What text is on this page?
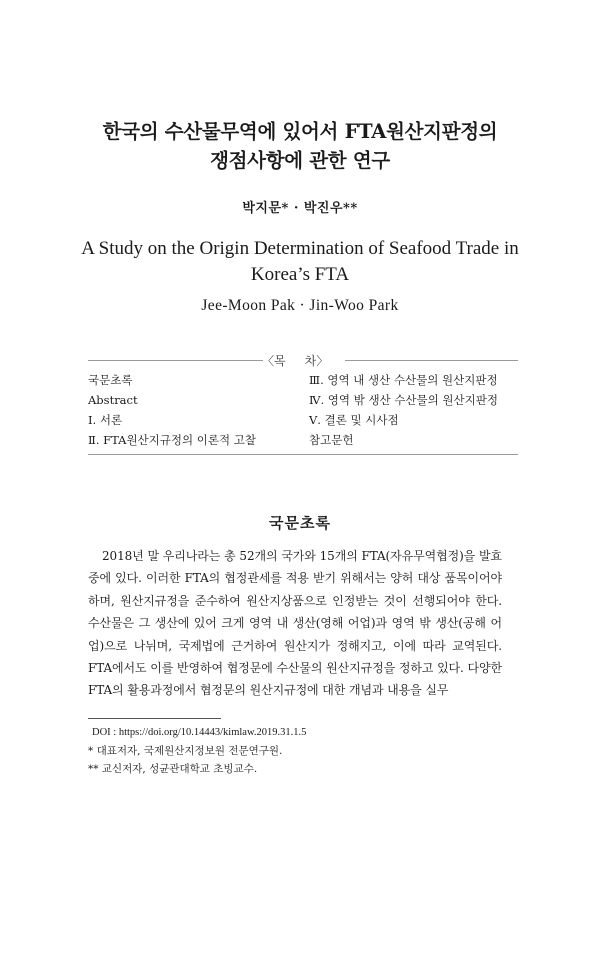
한국의 수산물무역에 있어서 FTA원산지판정의
쟁점사항에 관한 연구
박지문* · 박진우**
A Study on the Origin Determination of Seafood Trade in
Korea’s FTA
Jee-Moon Pak · Jin-Woo Park
〈목     차〉
국문초록
Abstract
Ⅰ. 서론
Ⅱ. FTA원산지규정의 이론적 고찰
Ⅲ. 영역 내 생산 수산물의 원산지판정
Ⅳ. 영역 밖 생산 수산물의 원산지판정
Ⅴ. 결론 및 시사점
참고문헌
국문초록

2018년 말 우리나라는 총 52개의 국가와 15개의 FTA(자유무역협정)을 발효 중에 있다. 이러한 FTA의 협정관세를 적용 받기 위해서는 양허 대상 품목이어야 하며, 원산지규정을 준수하여 원산지상품으로 인정받는 것이 선행되어야 한다. 수산물은 그 생산에 있어 크게 영역 내 생산(영해 어업)과 영역 밖 생산(공해 어업)으로 나뉘며, 국제법에 근거하여 원산지가 정해지고, 이에 따라 교역된다. FTA에서도 이를 반영하여 협정문에 수산물의 원산지규정을 정하고 있다. 다양한 FTA의 활용과정에서 협정문의 원산지규정에 대한 개념과 내용을 실무

DOI : https://doi.org/10.14443/kimlaw.2019.31.1.5
* 대표저자, 국제원산지정보원 전문연구원.
** 교신저자, 성균관대학교 초빙교수.
